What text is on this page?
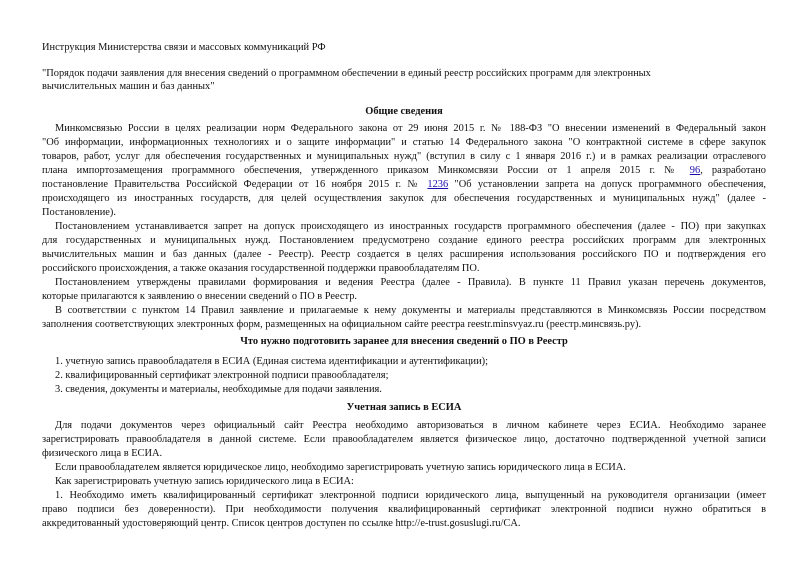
Инструкция Министерства связи и массовых коммуникаций РФ

"Порядок подачи заявления для внесения сведений о программном обеспечении в единый реестр российских программ для электронных

вычислительных машин и баз данных"

Общие сведения

Минкомсвязью России в целях реализации норм Федерального закона от 29 июня 2015 г. № 188-ФЗ "О внесении изменений в Федеральный закон

"Об информации, информационных технологиях и о защите информации" и статью 14 Федерального закона "О контрактной системе в сфере закупок

товаров, работ, услуг для обеспечения государственных и муниципальных нужд" (вступил в силу с 1 января 2016 г.) и в рамках реализации отраслевого

плана импортозамещения программного обеспечения, утвержденного приказом Минкомсвязи России от 1 апреля 2015 г. № 96, разработано

постановление Правительства Российской Федерации от 16 ноября 2015 г. № 1236 "Об установлении запрета на допуск программного обеспечения,

происходящего из иностранных государств, для целей осуществления закупок для обеспечения государственных и муниципальных нужд" (далее -

Постановление).

Постановлением устанавливается запрет на допуск происходящего из иностранных государств программного обеспечения (далее - ПО) при закупках

для государственных и муниципальных нужд. Постановлением предусмотрено создание единого реестра российских программ для электронных

вычислительных машин и баз данных (далее - Реестр). Реестр создается в целях расширения использования российского ПО и подтверждения его

российского происхождения, а также оказания государственной поддержки правообладателям ПО.

Постановлением утверждены правилами формирования и ведения Реестра (далее - Правила). В пункте 11 Правил указан перечень документов,

которые прилагаются к заявлению о внесении сведений о ПО в Реестр.

В соответствии с пунктом 14 Правил заявление и прилагаемые к нему документы и материалы представляются в Минкомсвязь России посредством

заполнения соответствующих электронных форм, размещенных на официальном сайте реестра reestr.minsvyaz.ru (реестр.минсвязь.ру).

Что нужно подготовить заранее для внесения сведений о ПО в Реестр

1. учетную запись правообладателя в ЕСИА (Единая система идентификации и аутентификации);

2. квалифицированный сертификат электронной подписи правообладателя;

3. сведения, документы и материалы, необходимые для подачи заявления.

Учетная запись в ЕСИА

Для подачи документов через официальный сайт Реестра необходимо авторизоваться в личном кабинете через ЕСИА. Необходимо заранее

зарегистрировать правообладателя в данной системе. Если правообладателем является физическое лицо, достаточно подтвержденной учетной записи

физического лица в ЕСИА.

Если правообладателем является юридическое лицо, необходимо зарегистрировать учетную запись юридического лица в ЕСИА.

Как зарегистрировать учетную запись юридического лица в ЕСИА:

1. Необходимо иметь квалифицированный сертификат электронной подписи юридического лица, выпущенный на руководителя организации (имеет

право подписи без доверенности). При необходимости получения квалифицированный сертификат электронной подписи нужно обратиться в

аккредитованный удостоверяющий центр. Список центров доступен по ссылке http://e-trust.gosuslugi.ru/CA.
